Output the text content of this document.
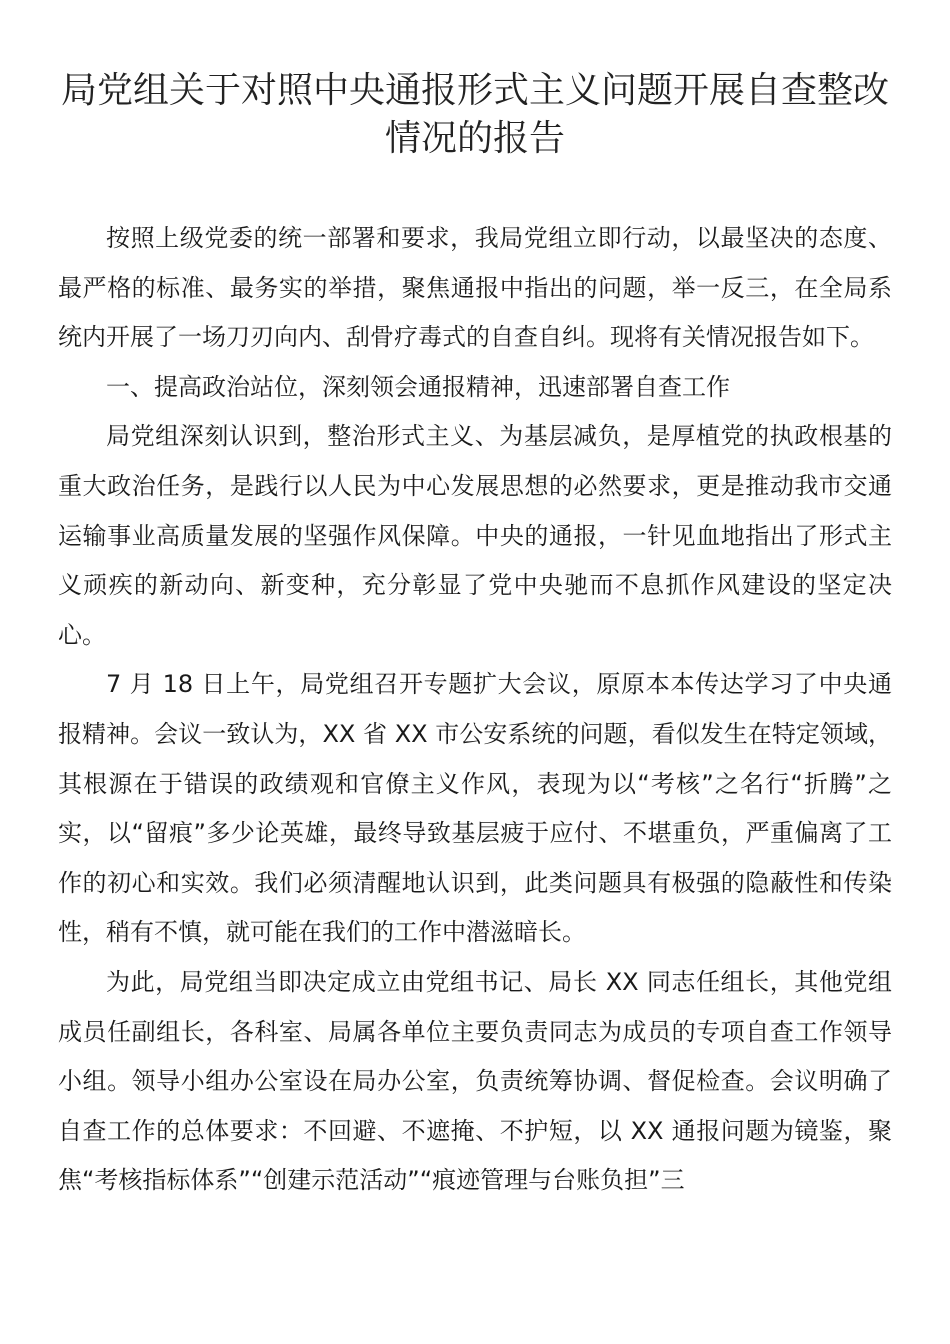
局党组关于对照中央通报形式主义问题开展自查整改
情况的报告

按照上级党委的统一部署和要求，我局党组立即行动，以最坚决的态度、最严格的标准、最务实的举措，聚焦通报中指出的问题，举一反三，在全局系统内开展了一场刀刃向内、刮骨疗毒式的自查自纠。现将有关情况报告如下。

一、提高政治站位，深刻领会通报精神，迅速部署自查工作

局党组深刻认识到，整治形式主义、为基层减负，是厚植党的执政根基的重大政治任务，是践行以人民为中心发展思想的必然要求，更是推动我市交通运输事业高质量发展的坚强作风保障。中央的通报，一针见血地指出了形式主义顽疾的新动向、新变种，充分彰显了党中央驰而不息抓作风建设的坚定决心。

7 月 18 日上午，局党组召开专题扩大会议，原原本本传达学习了中央通报精神。会议一致认为，XX 省 XX 市公安系统的问题，看似发生在特定领域，其根源在于错误的政绩观和官僚主义作风，表现为以“考核”之名行“折腾”之实，以“留痕”多少论英雄，最终导致基层疲于应付、不堪重负，严重偏离了工作的初心和实效。我们必须清醒地认识到，此类问题具有极强的隐蔽性和传染性，稍有不慎，就可能在我们的工作中潜滋暗长。

为此，局党组当即决定成立由党组书记、局长 XX 同志任组长，其他党组成员任副组长，各科室、局属各单位主要负责同志为成员的专项自查工作领导小组。领导小组办公室设在局办公室，负责统筹协调、督促检查。会议明确了自查工作的总体要求：不回避、不遮掩、不护短，以 XX 通报问题为镜鉴，聚焦“考核指标体系”“创建示范活动”“痕迹管理与台账负担”三
